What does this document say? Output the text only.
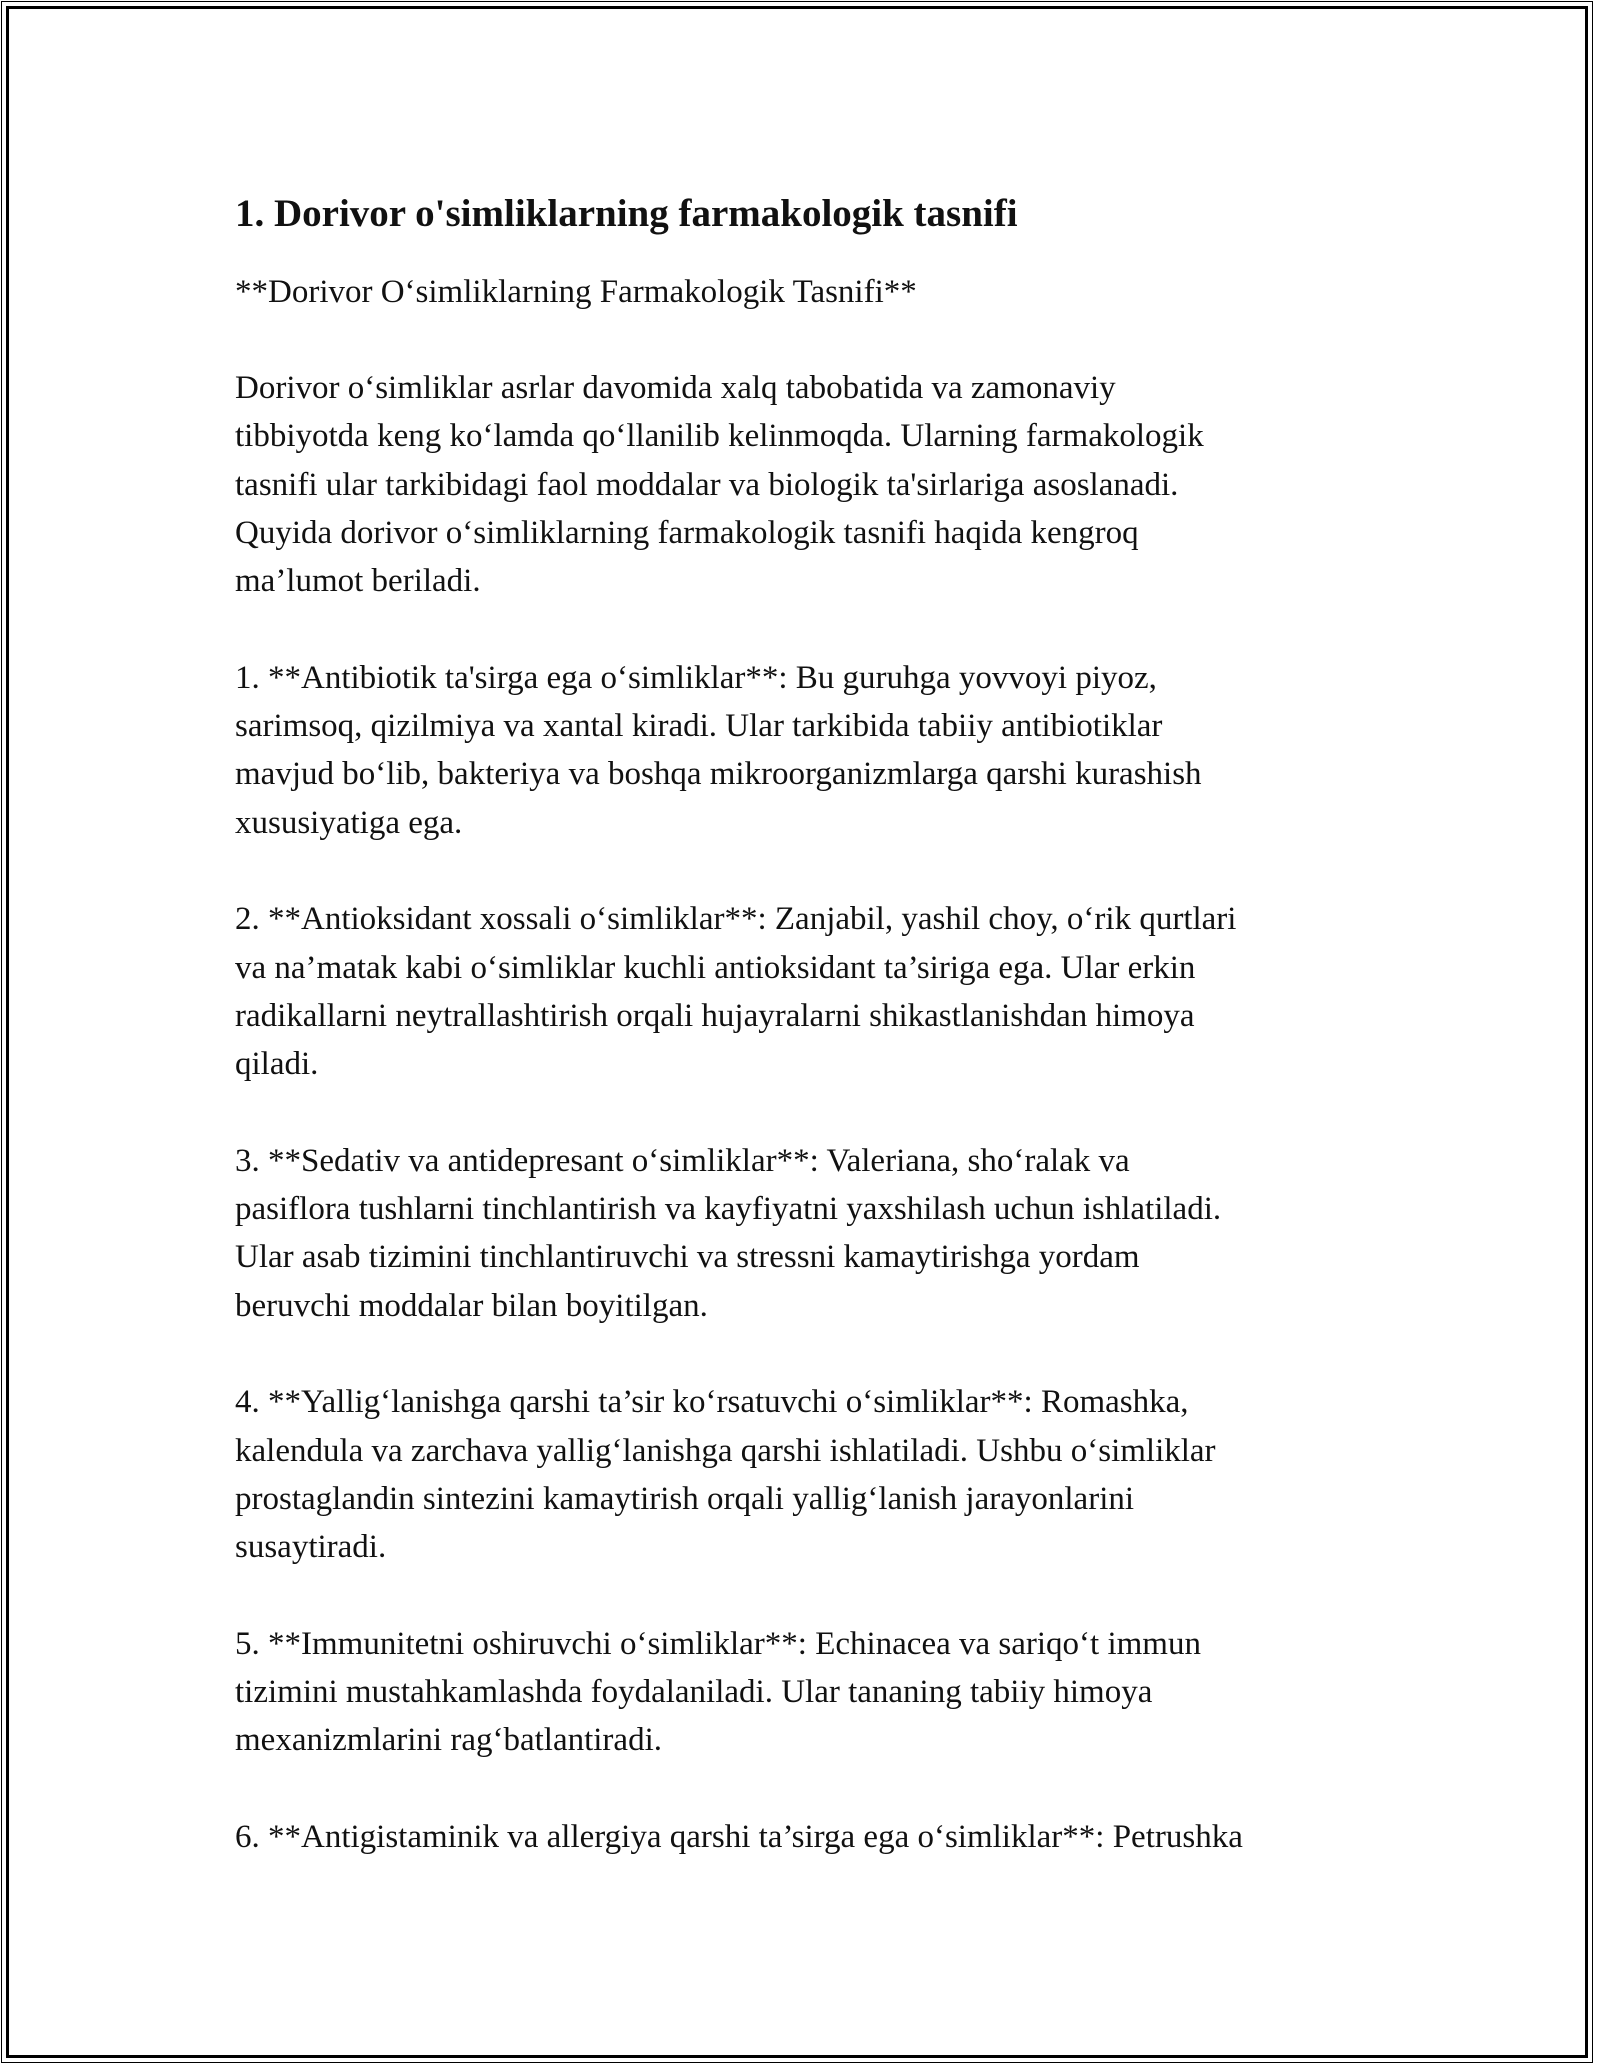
1. Dorivor o'simliklarning farmakologik tasnifi
**Dorivor O‘simliklarning Farmakologik Tasnifi**
Dorivor o‘simliklar asrlar davomida xalq tabobatida va zamonaviy
tibbiyotda keng ko‘lamda qo‘llanilib kelinmoqda. Ularning farmakologik
tasnifi ular tarkibidagi faol moddalar va biologik ta'sirlariga asoslanadi.
Quyida dorivor o‘simliklarning farmakologik tasnifi haqida kengroq
ma’lumot beriladi.
1. **Antibiotik ta'sirga ega o‘simliklar**: Bu guruhga yovvoyi piyoz,
sarimsoq, qizilmiya va xantal kiradi. Ular tarkibida tabiiy antibiotiklar
mavjud bo‘lib, bakteriya va boshqa mikroorganizmlarga qarshi kurashish
xususiyatiga ega.
2. **Antioksidant xossali o‘simliklar**: Zanjabil, yashil choy, o‘rik qurtlari
va na’matak kabi o‘simliklar kuchli antioksidant ta’siriga ega. Ular erkin
radikallarni neytrallashtirish orqali hujayralarni shikastlanishdan himoya
qiladi.
3. **Sedativ va antidepresant o‘simliklar**: Valeriana, sho‘ralak va
pasiflora tushlarni tinchlantirish va kayfiyatni yaxshilash uchun ishlatiladi.
Ular asab tizimini tinchlantiruvchi va stressni kamaytirishga yordam
beruvchi moddalar bilan boyitilgan.
4. **Yallig‘lanishga qarshi ta’sir ko‘rsatuvchi o‘simliklar**: Romashka,
kalendula va zarchava yallig‘lanishga qarshi ishlatiladi. Ushbu o‘simliklar
prostaglandin sintezini kamaytirish orqali yallig‘lanish jarayonlarini
susaytiradi.
5. **Immunitetni oshiruvchi o‘simliklar**: Echinacea va sariqo‘t immun
tizimini mustahkamlashda foydalaniladi. Ular tananing tabiiy himoya
mexanizmlarini rag‘batlantiradi.
6. **Antigistaminik va allergiya qarshi ta’sirga ega o‘simliklar**: Petrushka
